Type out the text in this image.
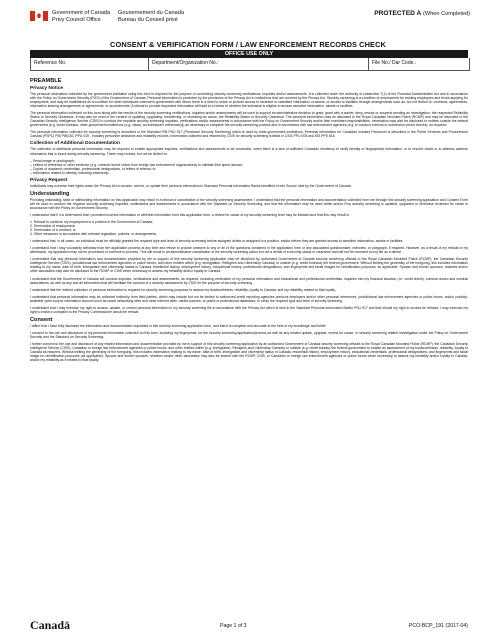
Government of Canada
Privy Council Office
Gouvernement du Canada
Bureau du Conseil privé
PROTECTED A (When Completed)
CONSENT & VERIFICATION FORM / LAW ENFORCEMENT RECORDS CHECK
OFFICE USE ONLY
Reference No.	Department/Organization No.:	File No./ Dar Code.:
PREAMBLE
Privacy Notice

The personal information collected by the government institution using this form is required for the purpose of conducting security screening verifications, inquiries and/or assessments. It is collected under the authority of subsection 7(1) of the Financial Administration Act and in accordance with the Policy on Government Security (PGS) of the Government of Canada. Personal information is protected by the provisions of the Privacy Act in institutions that are covered by the Privacy Act. Security screening is a condition of employment for existing employees and those applying for employment, and may be established as a condition for other individuals external to government with whom there is a need to share or provide access to sensitive or classified information or assets, or access to facilities through arrangements such as, but not limited to, contracts, agreements, information sharing arrangements or agreements, or secondments. A refusal to provide requested information will lead to a review of whether the individual is eligible to access sensitive information, assets or facilities.

The personal information collected on this form along with the results of the security screening verifications, inquiries and/or assessments will be used to support an administrative decision to grant, grant with a waiver, deny, revoke or suspend pending an investigation, the requested Reliability Status or Security Clearance. It may also be used in the context of updating, upgrading, transferring, or reviewing for cause, the Reliability Status or Security Clearance. The personal information may be disclosed to the Royal Canadian Mounted Police (RCMP) and may be disclosed to the Canadian Security Intelligence Service (CSIS) to conduct the requisite security screening inquiries, verifications and/or assessments in accordance with the Policy on Government Security and/or their mandated responsibilities. Information may also be disclosed to entities outside the federal government (e.g. credit bureaus, other government institutions (e.g. visas), an individual's reference(s)) as necessary to complete the security screening process and in accordance with law enforcement agencies (e.g. to conduct criminal or subversion vector checks), as required.

The personal information collected for security screening is described in the Standard PIB PSU 917 (Personnel Security Screening) which is used by most government institutions. Personal information for Canadian Industry Personnel is described in the Public Services and Procurement Canada (PSPC) PIB PWGSC PPU 015 - Industry personnel clearance and reliability records. Information collected and retained by CSIS for security screening is listed in CSIS PPU 005 and SIS PPE 815.

Collection of Additional Documentation

The collection of additional personal information may be required to enable appropriate inquiries, verifications and assessments to be conducted, when there is a lack of sufficient Canadian residency to verify identity or biographical information, or to resolve doubt or to address adverse information that is found during security screening. These may include, but not be limited to:

– Penal image or photograph;
– Letters of reference or other evidence (e.g. criminal record check from foreign law enforcement organizations) to validate time spent abroad;
– Copies of academic credentials, professional designations, or letters of referral; or
– Information related to identity, including citizenship.

Privacy Request

Individuals may exercise their rights under the Privacy Act to access, correct, or update their personal information in Standard Personal Information Banks identified in Info Source held by the Government of Canada.

Understanding

Providing misleading, false or withholding information on this application may result in a refusal or cancellation of the security screening assessment. I understand that the personal information and documentation collected from me through this security screening application and Consent Form will be used to conduct the required security screening inquiries, verifications and assessments in accordance with the Standard on Security Screening, and that the information may be used within and/or Fmy security screening is updated, upgraded or otherwise reviewed for cause in accordance with the Policy on Government Security.

I understand that if it is determined that I provided incorrect information or withheld information from this application form, a review for cause of my security screening level may be initiated and that this may result in:

1. Refusal to continue my employment in a position in the Government of Canada;
2. Termination of employment;
3. Termination of a contract; or
4. Other measures in accordance with relevant legislation, policies, or arrangements.

I understand that, in all cases, an individual must be officially granted the required type and level of security screening before assigned duties or assigned to a position, and/or before they are granted access to sensitive information, assets or facilities.

I understand that I may voluntarily withdraw from the application process at any time and refuse to provide answers to any or all of the questions contained in the application form or any associated questionnaire, interview, or polygraph, if required. However, as a result of my refusal or my withdrawal, my application may not be processed or continue to process. This will result in an administrative cancellation of the security screening action but not a denial of a security status or clearance and will not be recorded on my file as a denial.

I understand that any personal information and documentation provided by me in support of this security screening application may be disclosed by authorized Government of Canada security screening officials to the Royal Canadian Mounted Police (RCMP), the Canadian Security Intelligence Service (CSIS), jurisdictional law enforcement agencies or police forces, and other entities within (e.g. Immigration, Refugees and Citizenship Canada) or outside (e.g. credit bureaus) the federal government. Without limiting the generality of the foregoing, this includes information relating to my name, date of birth, immigration and citizenship status in Canada, residential history, employment history, educational history, professional designations, and fingerprints and facial images for identification purposes, as applicable. Spouse and former spouses, relatives and/or other associates may also be disclosed to the RCMP or CSIS when necessary to assess my reliability and/or loyalty to Canada.

I understand that the Government of Canada will conduct inquiries, verifications and assessments, as required, including verification of my personal information and educational and professional credentials, inquiries into my financial situation (i.e. credit check), criminal record and criminal associations, as well as any and all information that will facilitate the conduct of a security assessment by CSIS for the purpose of security screening.

I understand that the indirect collection of personal information is required for security screening purposes to assess my trustworthiness, reliability, loyalty to Canada, and my reliability related to that loyalty.

I understand that personal information may be collected indirectly from third parties, which may include but not be limited to authorized credit reporting agencies previous employers and/or other personal references, jurisdictional law enforcement agencies or police forces, and/or publicly-available open-source information sources such as social networking sites and other Internet sites, media sources, or public or professional databases, to verify the required type and level of security screening.

I understand that I may exercise my right to access, update, or correct personal information in my security screening file in accordance with the Privacy Act which is held in the Standard Personal Information Banks PSU 917 and that should my right to access be refused, I may exercise my right to make a complaint to the Privacy Commissioner about the refusal.

Consent

I affirm that I have fully disclosed the information and documentation requested in this security screening application form, and that it is complete and accurate to the best of my knowledge and belief.

I consent to the use and disclosure of my personal information collected on this form, including my fingerprints, for the security screening application/process as well as any related update, upgrade, review for cause, or security screening related investigation under the Policy on Government Security and the Standard on Security Screening.

I further consent to the use and disclosure of any related information and documentation provided by me in support of this security screening application by an authorized Government of Canada security screening officials to the Royal Canadian Mounted Police (RCMP), the Canadian Security Intelligence Service (CSIS), Canadian or foreign law enforcement agencies or police forces, and other entities within (e.g. Immigration, Refugees and Citizenship Canada) or outside (e.g. credit bureau) the federal government to enable an assessment of my trustworthiness, reliability, loyalty to Canada as required. Without limiting the generality of the foregoing, this includes information relating to my name, date of birth, immigration and citizenship status in Canada, residential history, employment history, educational credentials, professional designations, and fingerprints and facial image for identification purposes (as applicable). Spouse and former spouses, relatives and/or other associates may also be shared with the RCMP, CSIS, or Canadian or foreign law enforcement agencies or police forces when necessary to assess my reliability and/or loyalty to Canada, and/or my reliability as it relates to that loyalty.

Canadä	Page 1 of 3	PCO-BCP_191 (2017-04)
